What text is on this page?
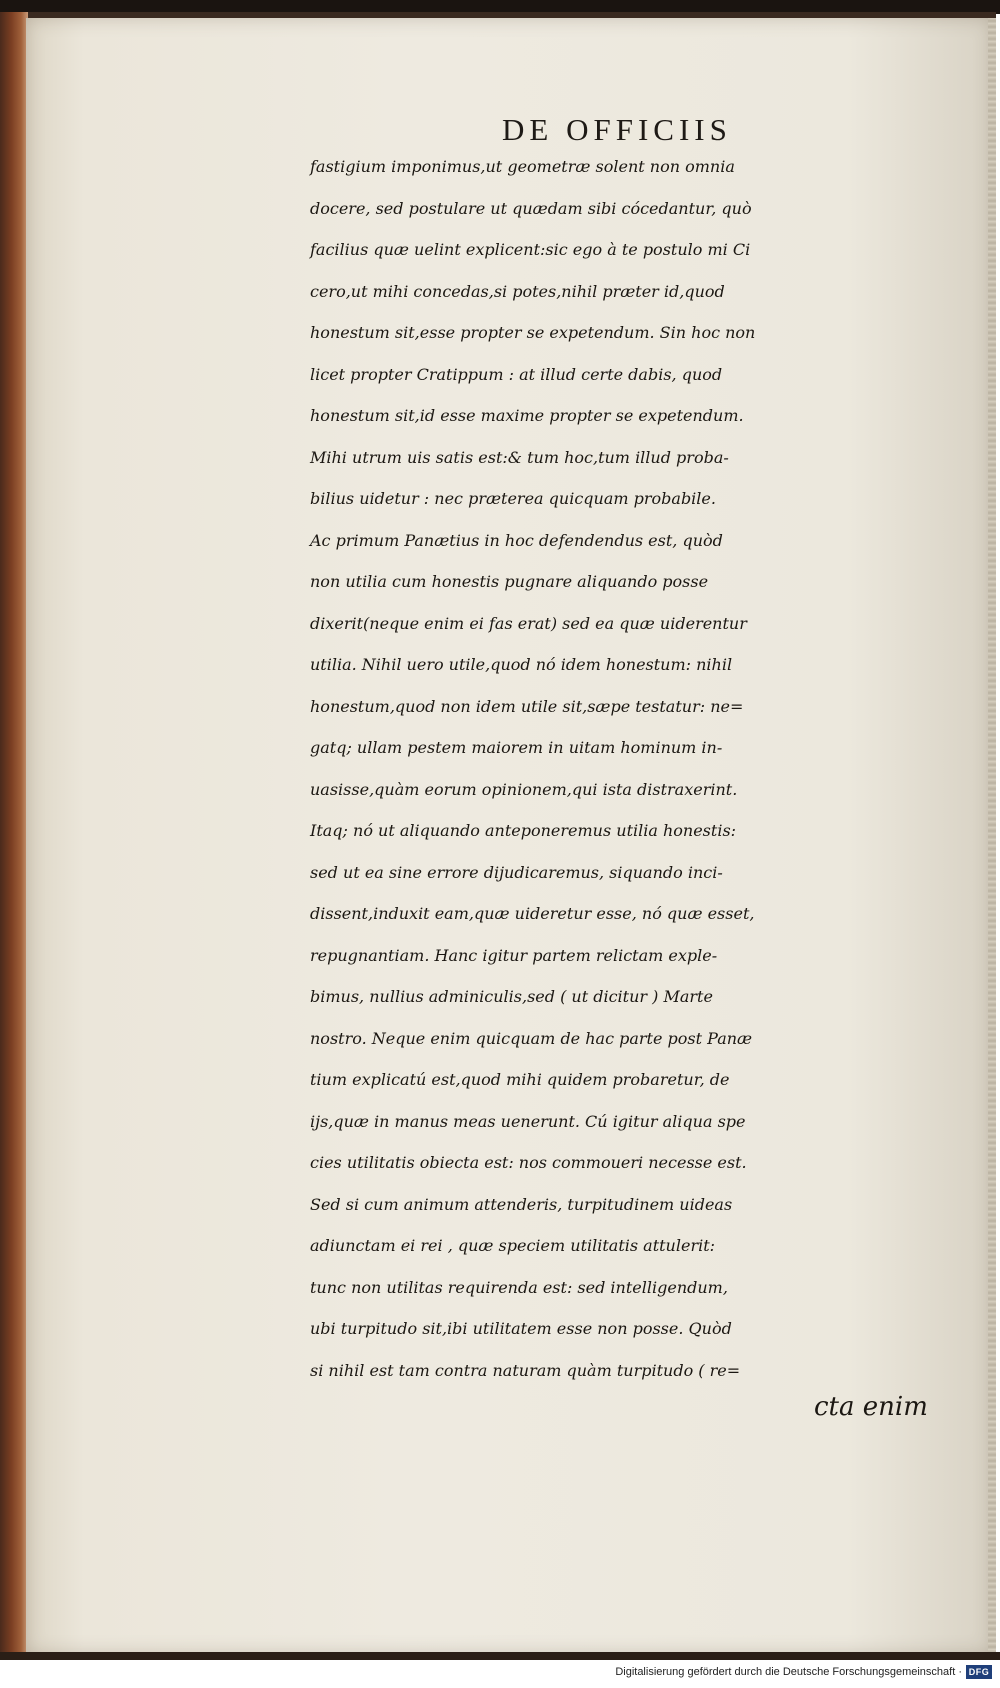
DE OFFICIIS
fastigium imponimus,ut geometræ solent non omnia
docere, sed postulare ut quædam sibi cócedantur, quò
facilius quæ uelint explicent:sic ego à te postulo mi Ci
cero,ut mihi concedas,si potes,nihil præter id,quod
honestum sit,esse propter se expetendum. Sin hoc non
licet propter Cratippum : at illud certe dabis, quod
honestum sit,id esse maxime propter se expetendum.
Mihi utrum uis satis est:& tum hoc,tum illud proba-
bilius uidetur : nec præterea quicquam probabile.
Ac primum Panætius in hoc defendendus est, quòd
non utilia cum honestis pugnare aliquando posse
dixerit(neque enim ei fas erat) sed ea quæ uiderentur
utilia. Nihil uero utile,quod nó idem honestum: nihil
honestum,quod non idem utile sit,sæpe testatur: ne=
gatq; ullam pestem maiorem in uitam hominum in-
uasisse,quàm eorum opinionem,qui ista distraxerint.
Itaq; nó ut aliquando anteponeremus utilia honestis:
sed ut ea sine errore dijudicaremus, siquando inci-
dissent,induxit eam,quæ uideretur esse, nó quæ esset,
repugnantiam. Hanc igitur partem relictam exple-
bimus, nullius adminiculis,sed ( ut dicitur ) Marte
nostro. Neque enim quicquam de hac parte post Panæ
tium explicatú est,quod mihi quidem probaretur, de
ijs,quæ in manus meas uenerunt. Cú igitur aliqua spe
cies utilitatis obiecta est: nos commoueri necesse est.
Sed si cum animum attenderis, turpitudinem uideas
adiunctam ei rei , quæ speciem utilitatis attulerit:
tunc non utilitas requirenda est: sed intelligendum,
ubi turpitudo sit,ibi utilitatem esse non posse. Quòd
si nihil est tam contra naturam quàm turpitudo ( re=
cta enim
Digitalisierung gefördert durch die Deutsche Forschungsgemeinschaft · DFG
